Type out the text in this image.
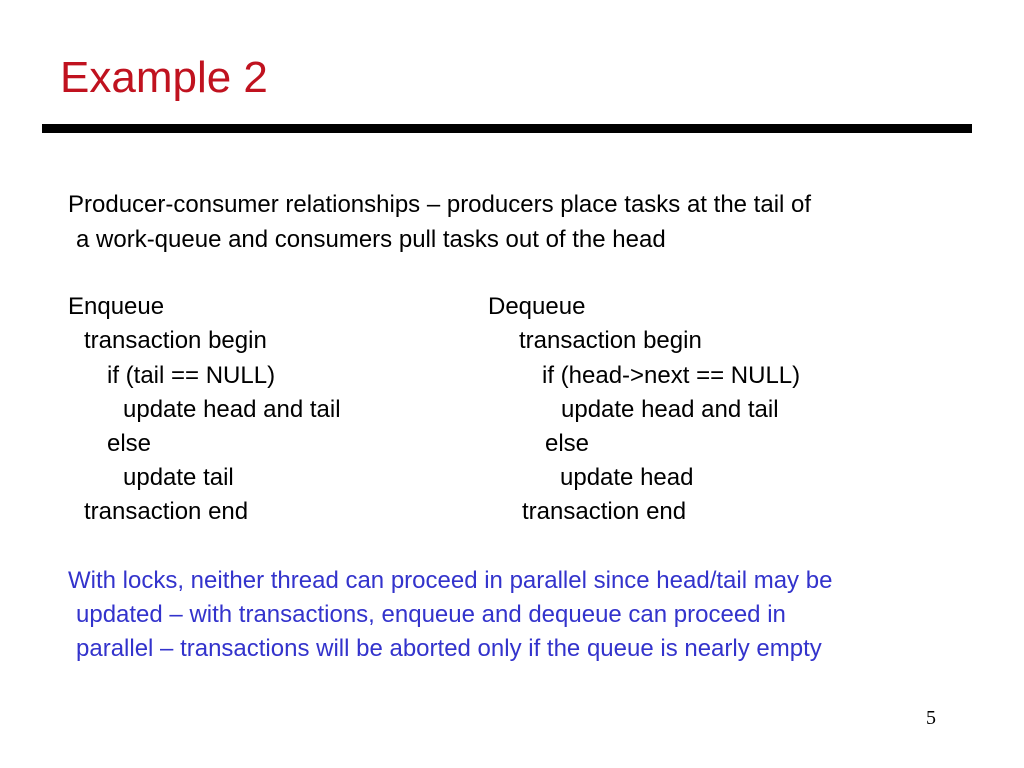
Example 2
Producer-consumer relationships – producers place tasks at the tail of
a work-queue and consumers pull tasks out of the head
Enqueue
transaction begin
if (tail == NULL)
update head and tail
else
update tail
transaction end
Dequeue
transaction begin
if (head->next == NULL)
update head and tail
else
update head
transaction end
With locks, neither thread can proceed in parallel since head/tail may be
updated – with transactions, enqueue and dequeue can proceed in
parallel – transactions will be aborted only if the queue is nearly empty
5
